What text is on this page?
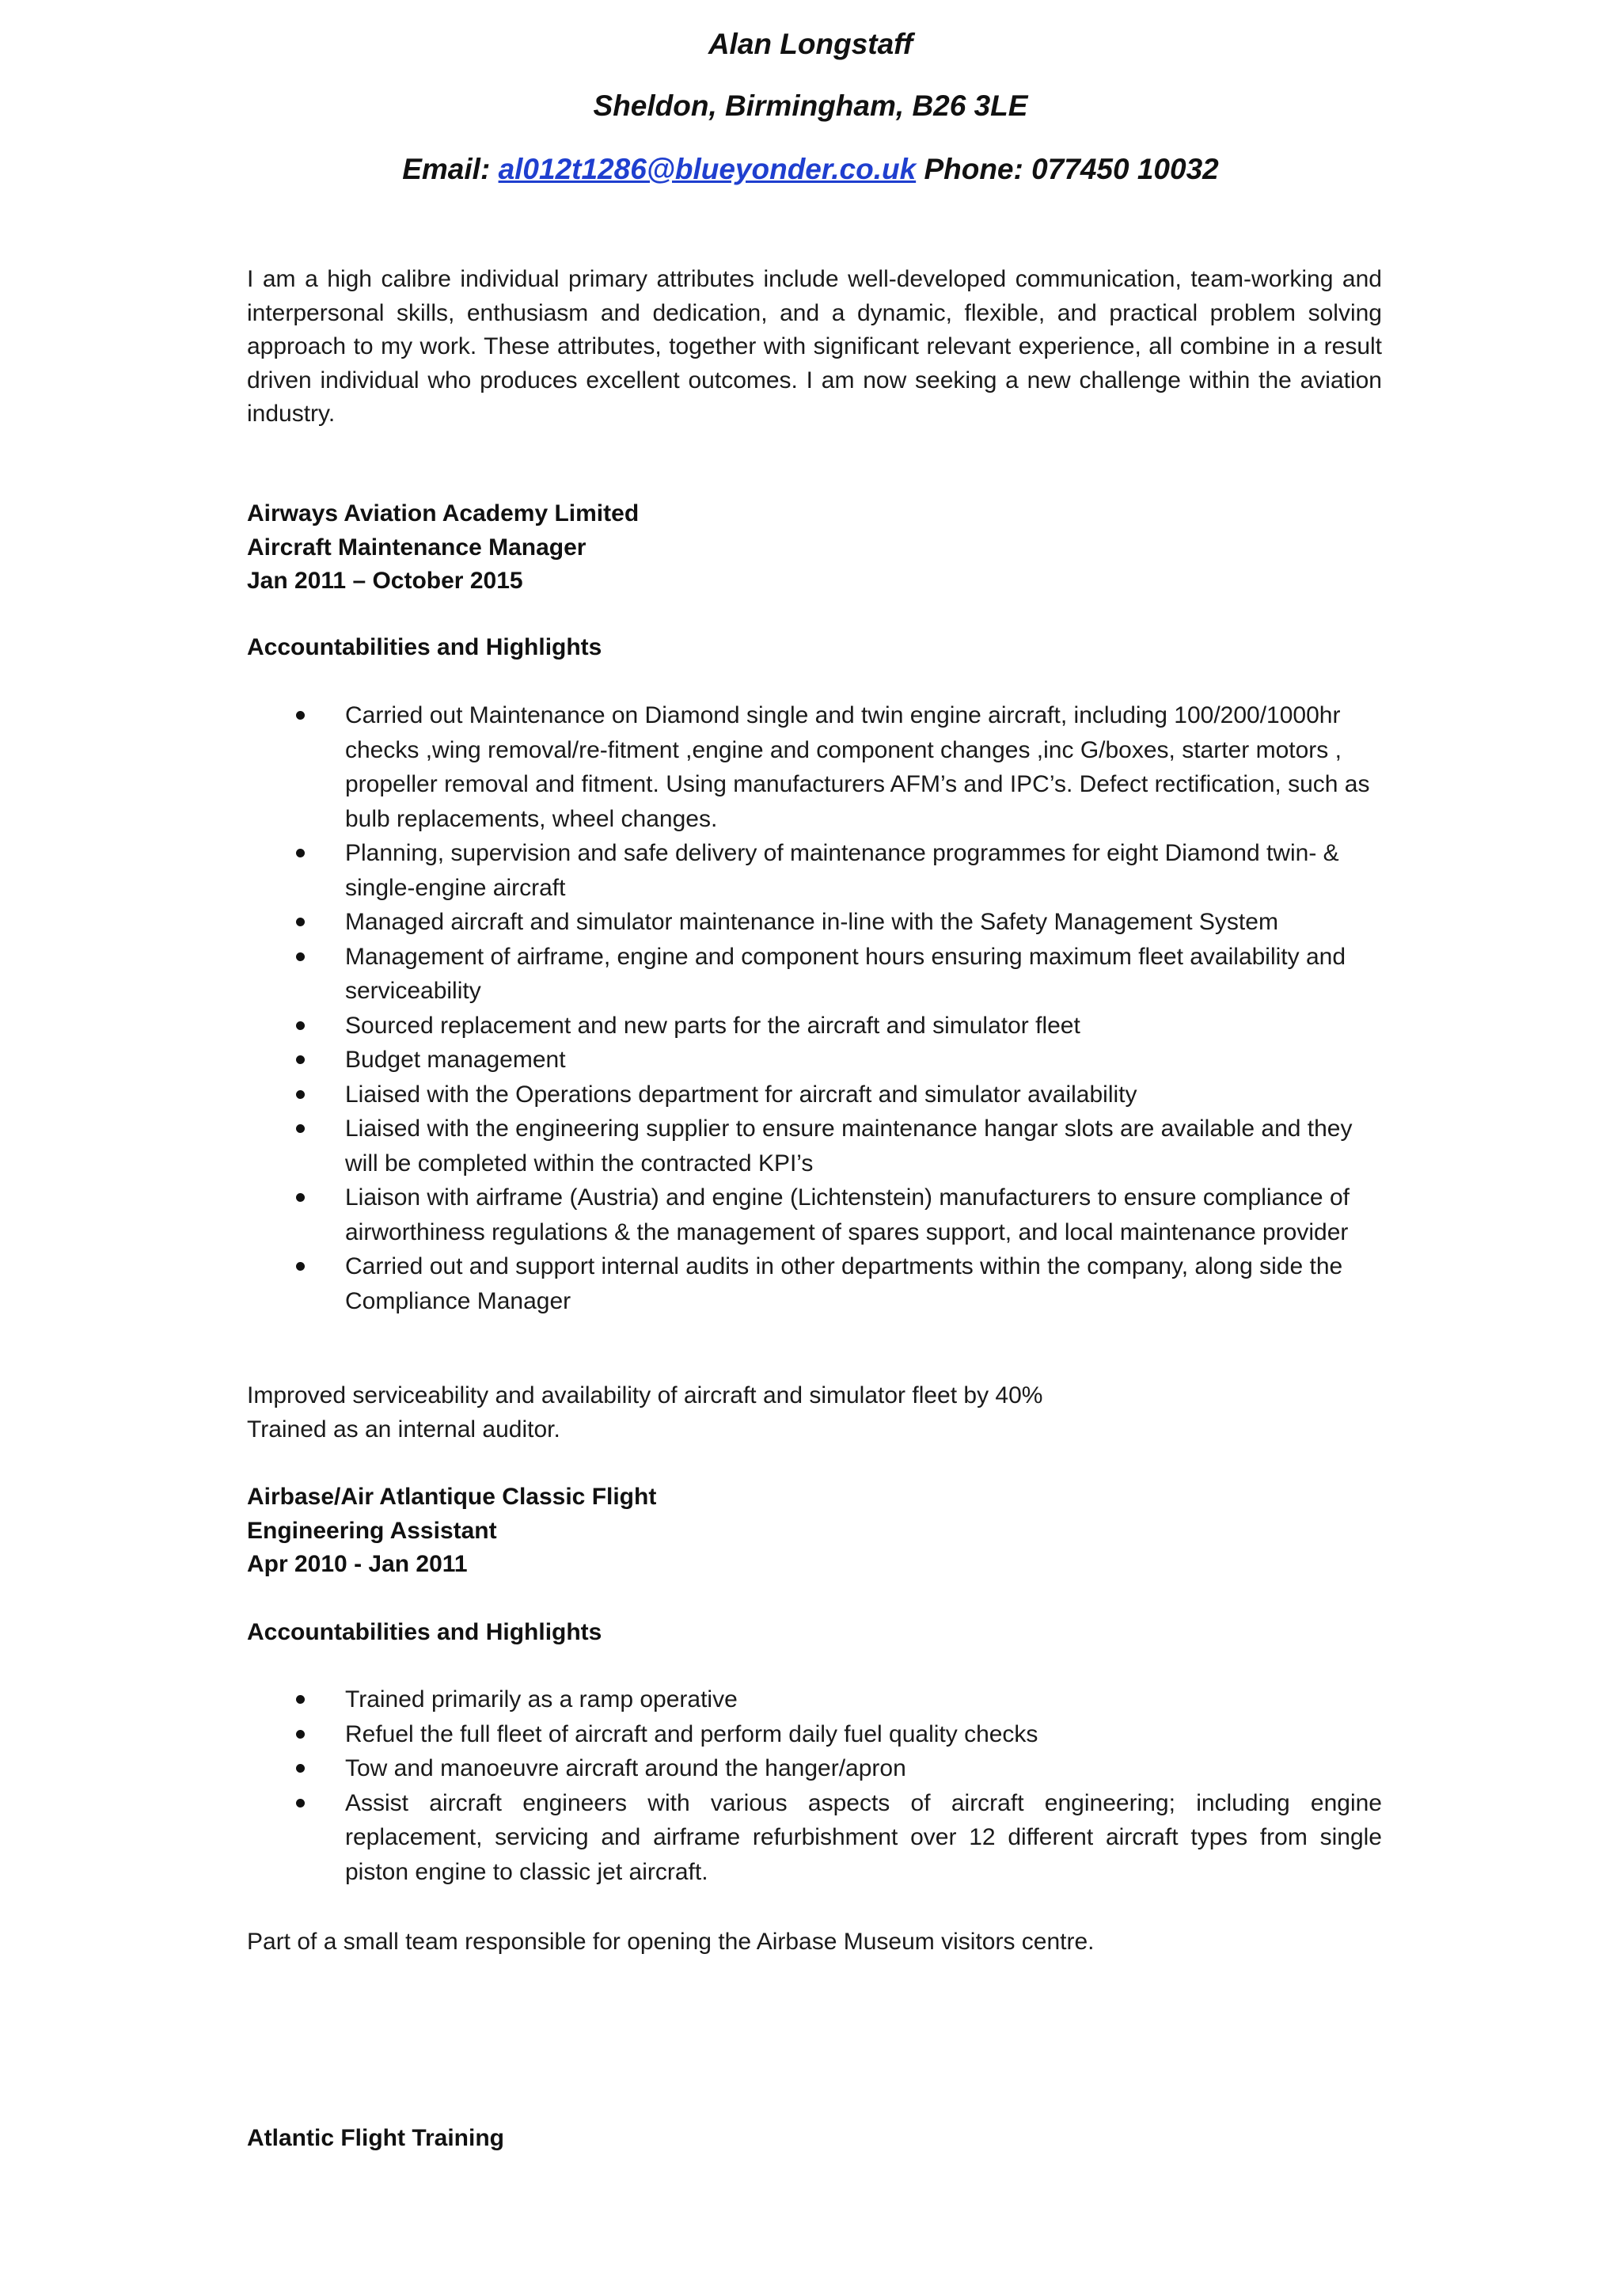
Alan Longstaff
Sheldon, Birmingham, B26 3LE
Email: al012t1286@blueyonder.co.uk Phone: 077450 10032
I am a high calibre individual primary attributes include well-developed communication, team-working and interpersonal skills, enthusiasm and dedication, and a dynamic, flexible, and practical problem solving approach to my work. These attributes, together with significant relevant experience, all combine in a result driven individual who produces excellent outcomes. I am now seeking a new challenge within the aviation industry.
Airways Aviation Academy Limited
Aircraft Maintenance Manager
Jan 2011 – October 2015
Accountabilities and Highlights
Carried out Maintenance on Diamond single and twin engine aircraft, including 100/200/1000hr checks ,wing removal/re-fitment ,engine and component changes ,inc G/boxes, starter motors , propeller removal and fitment. Using manufacturers AFM’s and IPC’s. Defect rectification, such as bulb replacements, wheel changes.
Planning, supervision and safe delivery of maintenance programmes for eight Diamond twin- & single-engine aircraft
Managed aircraft and simulator maintenance in-line with the Safety Management System
Management of airframe, engine and component hours ensuring maximum fleet availability and serviceability
Sourced replacement and new parts for the aircraft and simulator fleet
Budget management
Liaised with the Operations department for aircraft and simulator availability
Liaised with the engineering supplier to ensure maintenance hangar slots are available and they will be completed within the contracted KPI’s
Liaison with airframe (Austria) and engine (Lichtenstein) manufacturers to ensure compliance of airworthiness regulations & the management of spares support, and local maintenance provider
Carried out and support internal audits in other departments within the company, along side the Compliance Manager
Improved serviceability and availability of aircraft and simulator fleet by 40%
Trained as an internal auditor.
Airbase/Air Atlantique Classic Flight
Engineering Assistant
Apr 2010 - Jan 2011
Accountabilities and Highlights
Trained primarily as a ramp operative
Refuel the full fleet of aircraft and perform daily fuel quality checks
Tow and manoeuvre aircraft around the hanger/apron
Assist aircraft engineers with various aspects of aircraft engineering; including engine replacement, servicing and airframe refurbishment over 12 different aircraft types from single piston engine to classic jet aircraft.
Part of a small team responsible for opening the Airbase Museum visitors centre.
Atlantic Flight Training
